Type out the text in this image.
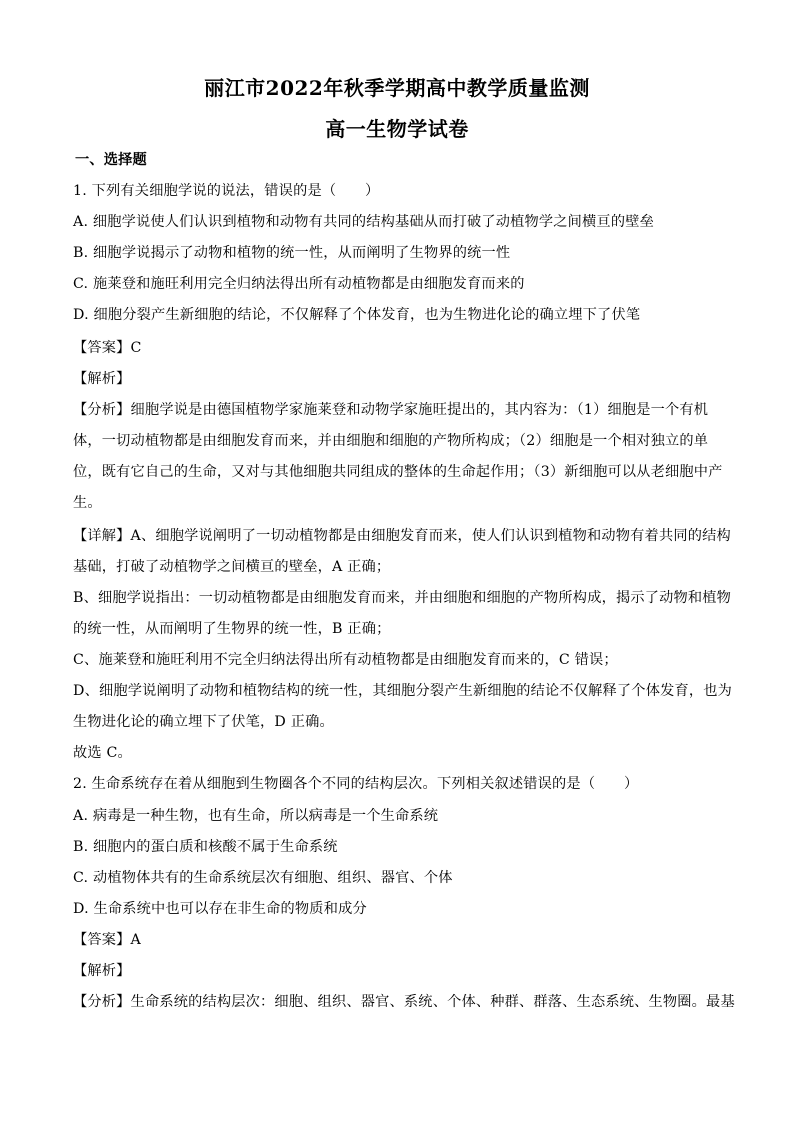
丽江市2022年秋季学期高中教学质量监测
高一生物学试卷
一、选择题
1. 下列有关细胞学说的说法，错误的是（　　）
A. 细胞学说使人们认识到植物和动物有共同的结构基础从而打破了动植物学之间横亘的壁垒
B. 细胞学说揭示了动物和植物的统一性，从而阐明了生物界的统一性
C. 施莱登和施旺利用完全归纳法得出所有动植物都是由细胞发育而来的
D. 细胞分裂产生新细胞的结论，不仅解释了个体发育，也为生物进化论的确立埋下了伏笔
【答案】C
【解析】
【分析】细胞学说是由德国植物学家施莱登和动物学家施旺提出的，其内容为：（1）细胞是一个有机
体，一切动植物都是由细胞发育而来，并由细胞和细胞的产物所构成；（2）细胞是一个相对独立的单
位，既有它自己的生命，又对与其他细胞共同组成的整体的生命起作用；（3）新细胞可以从老细胞中产
生。
【详解】A、细胞学说阐明了一切动植物都是由细胞发育而来，使人们认识到植物和动物有着共同的结构
基础，打破了动植物学之间横亘的壁垒，A 正确；
B、细胞学说指出：一切动植物都是由细胞发育而来，并由细胞和细胞的产物所构成，揭示了动物和植物
的统一性，从而阐明了生物界的统一性，B 正确；
C、施莱登和施旺利用不完全归纳法得出所有动植物都是由细胞发育而来的，C 错误；
D、细胞学说阐明了动物和植物结构的统一性，其细胞分裂产生新细胞的结论不仅解释了个体发育，也为
生物进化论的确立埋下了伏笔，D 正确。
故选 C。
2. 生命系统存在着从细胞到生物圈各个不同的结构层次。下列相关叙述错误的是（　　）
A. 病毒是一种生物，也有生命，所以病毒是一个生命系统
B. 细胞内的蛋白质和核酸不属于生命系统
C. 动植物体共有的生命系统层次有细胞、组织、器官、个体
D. 生命系统中也可以存在非生命的物质和成分
【答案】A
【解析】
【分析】生命系统的结构层次：细胞、组织、器官、系统、个体、种群、群落、生态系统、生物圈。最基
